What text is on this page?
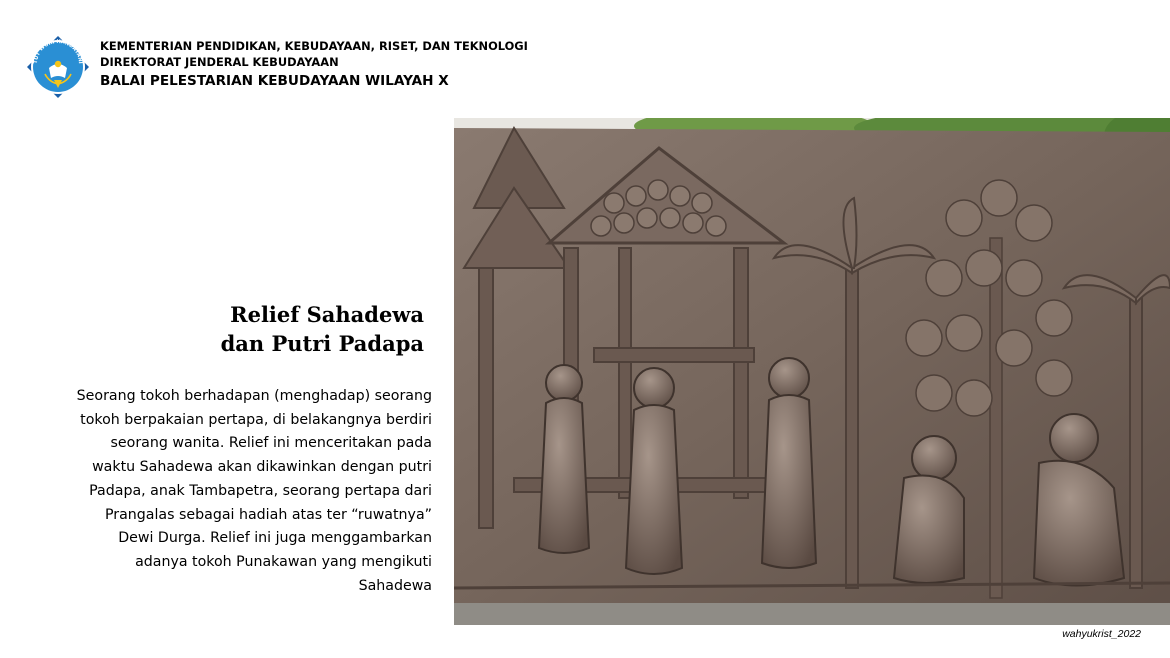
TUT WURI HANDAYANI
KEMENTERIAN PENDIDIKAN, KEBUDAYAAN, RISET, DAN TEKNOLOGI
DIREKTORAT JENDERAL KEBUDAYAAN
BALAI PELESTARIAN KEBUDAYAAN WILAYAH X
Relief Sahadewa
dan Putri Padapa
Seorang tokoh berhadapan (menghadap) seorang tokoh berpakaian pertapa, di belakangnya berdiri seorang wanita. Relief ini menceritakan pada waktu Sahadewa akan dikawinkan dengan putri Padapa, anak Tambapetra, seorang pertapa dari Prangalas sebagai hadiah atas ter “ruwatnya” Dewi Durga. Relief ini juga menggambarkan adanya tokoh Punakawan yang mengikuti Sahadewa
wahyukrist_2022
